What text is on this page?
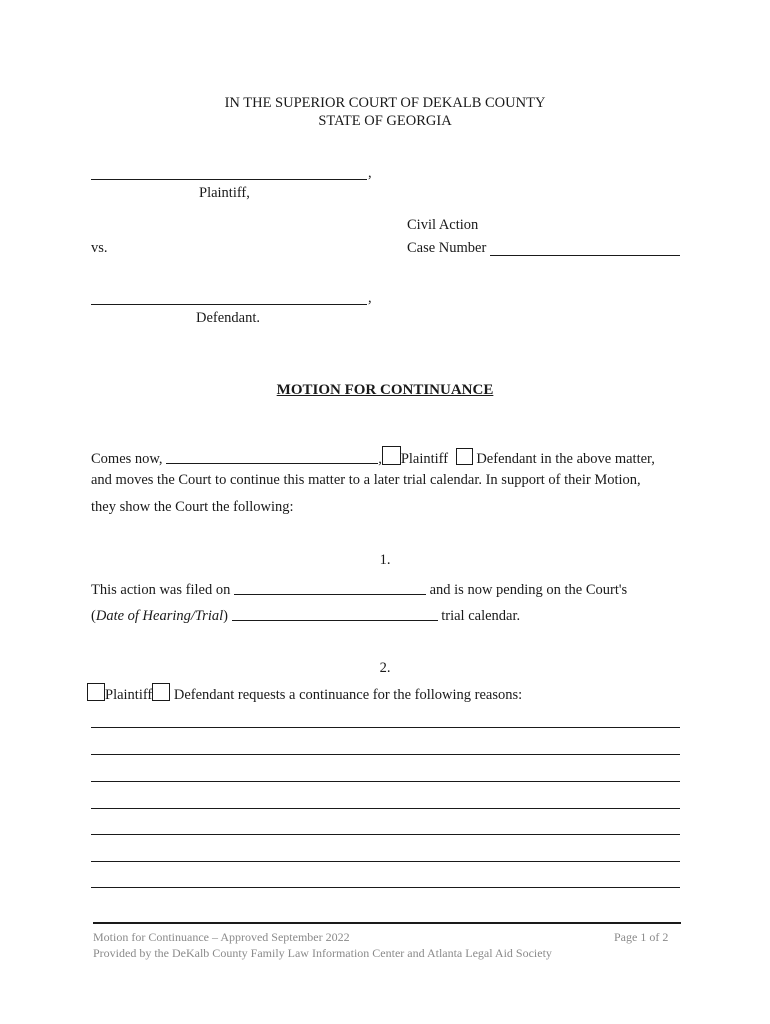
IN THE SUPERIOR COURT OF DEKALB COUNTY
STATE OF GEORGIA
,
Plaintiff,
Civil Action
Case Number
vs.
,
Defendant.
MOTION FOR CONTINUANCE
Comes now,	, Plaintiff Defendant in the above matter,
and moves the Court to continue this matter to a later trial calendar. In support of their Motion,
they show the Court the following:
1.
This action was filed on	and is now pending on the Court's
(Date of Hearing/Trial)	trial calendar.
2.
Plaintiff Defendant requests a continuance for the following reasons:
Motion for Continuance – Approved September 2022
Provided by the DeKalb County Family Law Information Center and Atlanta Legal Aid Society
Page 1 of 2
